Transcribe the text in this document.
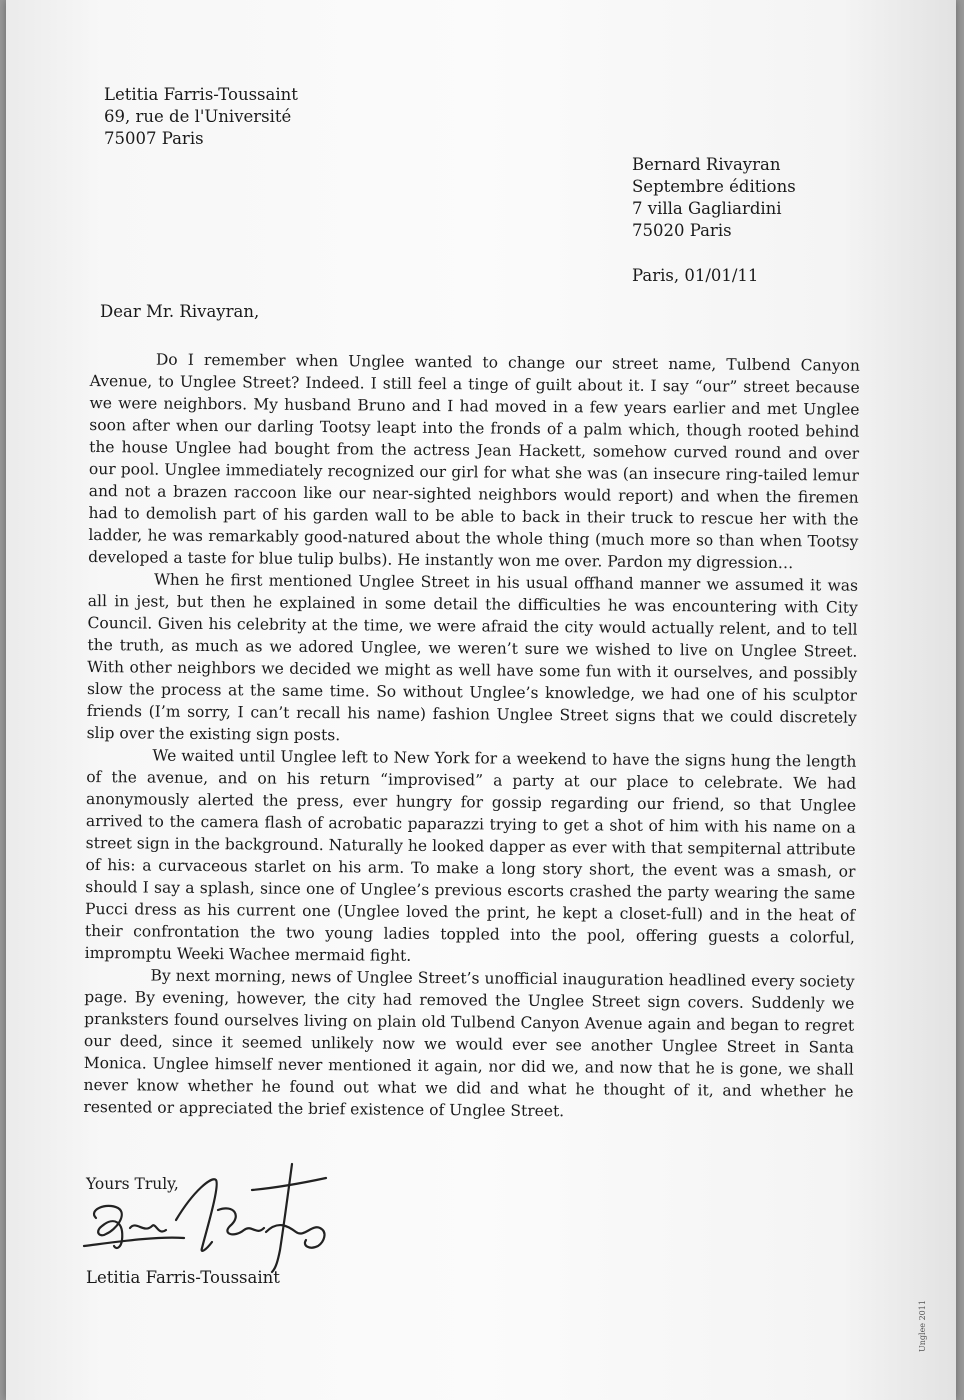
Letitia Farris-Toussaint
69, rue de l'Université
75007 Paris
Bernard Rivayran
Septembre éditions
7 villa Gagliardini
75020 Paris
Paris, 01/01/11
Dear Mr. Rivayran,

Do I remember when Unglee wanted to change our street name, Tulbend Canyon Avenue, to Unglee Street? Indeed. I still feel a tinge of guilt about it. I say “our” street because we were neighbors. My husband Bruno and I had moved in a few years earlier and met Unglee soon after when our darling Tootsy leapt into the fronds of a palm which, though rooted behind the house Unglee had bought from the actress Jean Hackett, somehow curved round and over our pool. Unglee immediately recognized our girl for what she was (an insecure ring-tailed lemur and not a brazen raccoon like our near-sighted neighbors would report) and when the firemen had to demolish part of his garden wall to be able to back in their truck to rescue her with the ladder, he was remarkably good-natured about the whole thing (much more so than when Tootsy developed a taste for blue tulip bulbs). He instantly won me over. Pardon my digression…

When he first mentioned Unglee Street in his usual offhand manner we assumed it was all in jest, but then he explained in some detail the difficulties he was encountering with City Council. Given his celebrity at the time, we were afraid the city would actually relent, and to tell the truth, as much as we adored Unglee, we weren’t sure we wished to live on Unglee Street. With other neighbors we decided we might as well have some fun with it ourselves, and possibly slow the process at the same time. So without Unglee’s knowledge, we had one of his sculptor friends (I’m sorry, I can’t recall his name) fashion Unglee Street signs that we could discretely slip over the existing sign posts.

We waited until Unglee left to New York for a weekend to have the signs hung the length of the avenue, and on his return “improvised” a party at our place to celebrate. We had anonymously alerted the press, ever hungry for gossip regarding our friend, so that Unglee arrived to the camera flash of acrobatic paparazzi trying to get a shot of him with his name on a street sign in the background. Naturally he looked dapper as ever with that sempiternal attribute of his: a curvaceous starlet on his arm. To make a long story short, the event was a smash, or should I say a splash, since one of Unglee’s previous escorts crashed the party wearing the same Pucci dress as his current one (Unglee loved the print, he kept a closet-full) and in the heat of their confrontation the two young ladies toppled into the pool, offering guests a colorful, impromptu Weeki Wachee mermaid fight.

By next morning, news of Unglee Street’s unofficial inauguration headlined every society page. By evening, however, the city had removed the Unglee Street sign covers. Suddenly we pranksters found ourselves living on plain old Tulbend Canyon Avenue again and began to regret our deed, since it seemed unlikely now we would ever see another Unglee Street in Santa Monica. Unglee himself never mentioned it again, nor did we, and now that he is gone, we shall never know whether he found out what we did and what he thought of it, and whether he resented or appreciated the brief existence of Unglee Street.

Yours Truly,
Letitia Farris-Toussaint
Unglee 2011
